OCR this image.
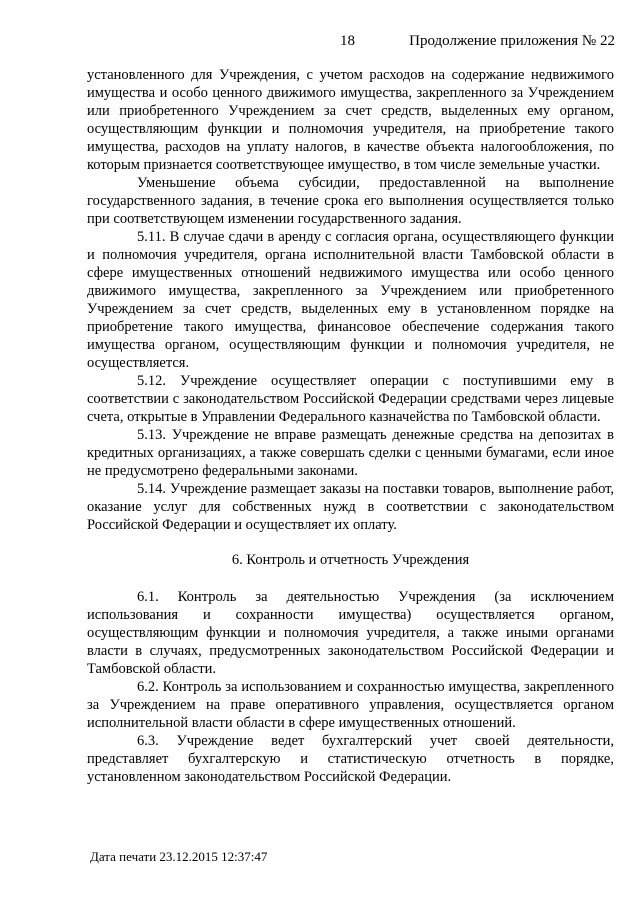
18	Продолжение приложения № 22

установленного для Учреждения, с учетом расходов на содержание недвижимого имущества и особо ценного движимого имущества, закрепленного за Учреждением или приобретенного Учреждением за счет средств, выделенных ему органом, осуществляющим функции и полномочия учредителя, на приобретение такого имущества, расходов на уплату налогов, в качестве объекта налогообложения, по которым признается соответствующее имущество, в том числе земельные участки.

Уменьшение объема субсидии, предоставленной на выполнение государственного задания, в течение срока его выполнения осуществляется только при соответствующем изменении государственного задания.

5.11. В случае сдачи в аренду с согласия органа, осуществляющего функции и полномочия учредителя, органа исполнительной власти Тамбовской области в сфере имущественных отношений недвижимого имущества или особо ценного движимого имущества, закрепленного за Учреждением или приобретенного Учреждением за счет средств, выделенных ему в установленном порядке на приобретение такого имущества, финансовое обеспечение содержания такого имущества органом, осуществляющим функции и полномочия учредителя, не осуществляется.

5.12. Учреждение осуществляет операции с поступившими ему в соответствии с законодательством Российской Федерации средствами через лицевые счета, открытые в Управлении Федерального казначейства по Тамбовской области.

5.13. Учреждение не вправе размещать денежные средства на депозитах в кредитных организациях, а также совершать сделки с ценными бумагами, если иное не предусмотрено федеральными законами.

5.14. Учреждение размещает заказы на поставки товаров, выполнение работ, оказание услуг для собственных нужд в соответствии с законодательством Российской Федерации и осуществляет их оплату.

6. Контроль и отчетность Учреждения

6.1. Контроль за деятельностью Учреждения (за исключением использования и сохранности имущества) осуществляется органом, осуществляющим функции и полномочия учредителя, а также иными органами власти в случаях, предусмотренных законодательством Российской Федерации и Тамбовской области.

6.2. Контроль за использованием и сохранностью имущества, закрепленного за Учреждением на праве оперативного управления, осуществляется органом исполнительной власти области в сфере имущественных отношений.

6.3. Учреждение ведет бухгалтерский учет своей деятельности, представляет бухгалтерскую и статистическую отчетность в порядке, установленном законодательством Российской Федерации.

Дата печати 23.12.2015 12:37:47
